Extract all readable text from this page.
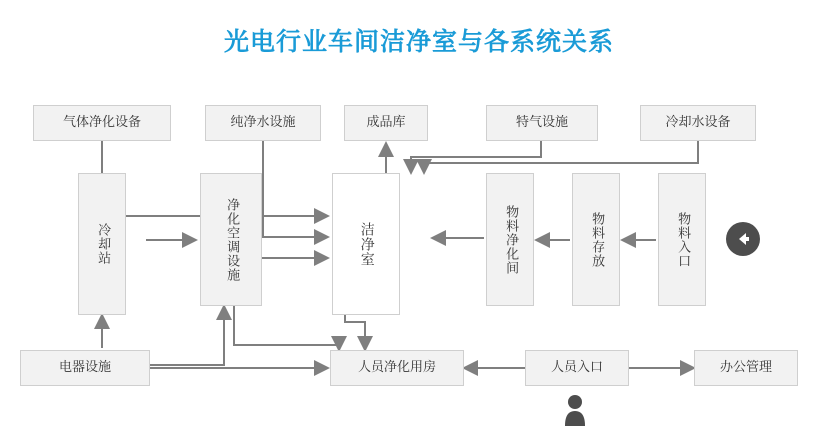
光电行业车间洁净室与各系统关系
气体净化设备	纯净水设施	成品库	特气设施	冷却水设备
冷却站	净化空调设施	洁净室	物料净化间	物料存放	物料入口
电器设施	人员净化用房	人员入口	办公管理
